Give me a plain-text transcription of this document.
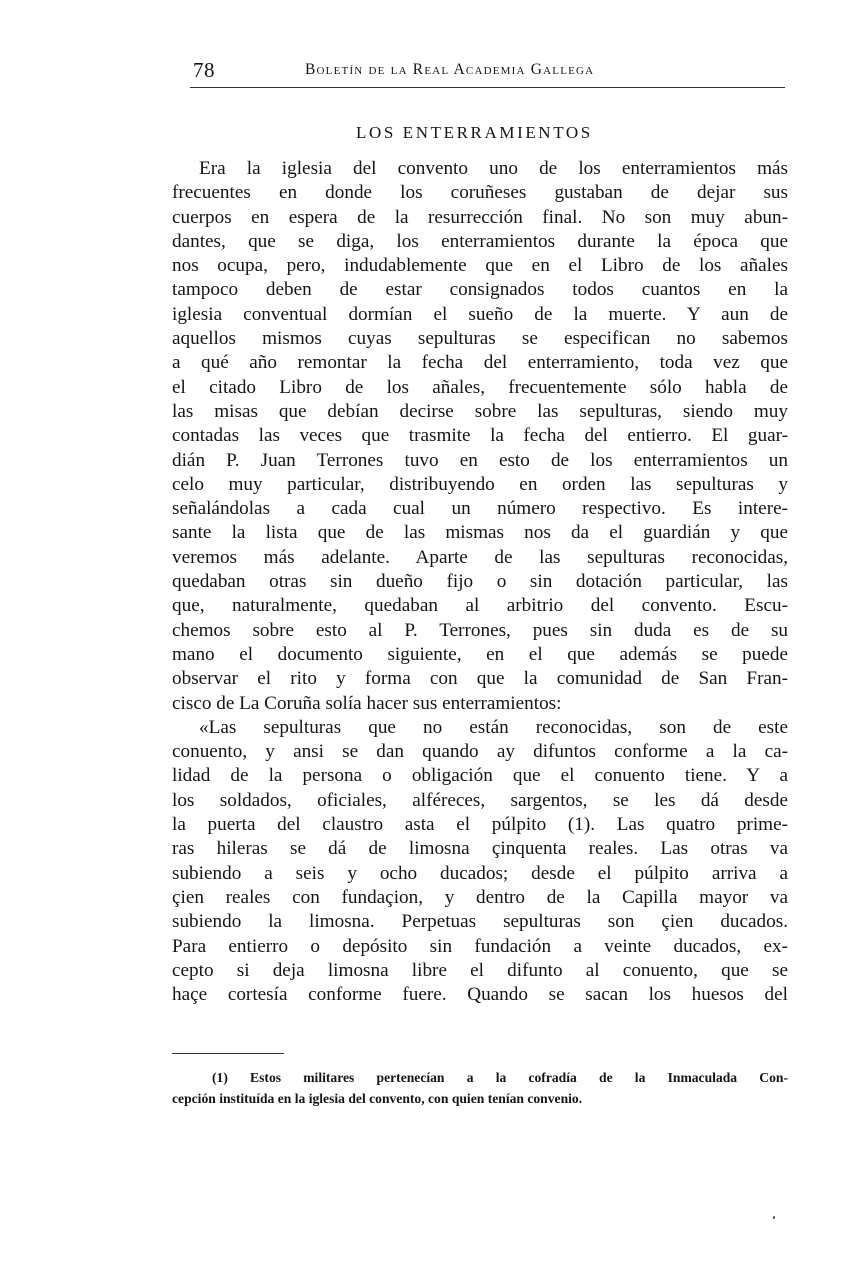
78	Boletín de la Real Academia Gallega
LOS ENTERRAMIENTOS
Era la iglesia del convento uno de los enterramientos más
frecuentes en donde los coruñeses gustaban de dejar sus
cuerpos en espera de la resurrección final. No son muy abun-
dantes, que se diga, los enterramientos durante la época que
nos ocupa, pero, indudablemente que en el Libro de los añales
tampoco deben de estar consignados todos cuantos en la
iglesia conventual dormían el sueño de la muerte. Y aun de
aquellos mismos cuyas sepulturas se especifican no sabemos
a qué año remontar la fecha del enterramiento, toda vez que
el citado Libro de los añales, frecuentemente sólo habla de
las misas que debían decirse sobre las sepulturas, siendo muy
contadas las veces que trasmite la fecha del entierro. El guar-
dián P. Juan Terrones tuvo en esto de los enterramientos un
celo muy particular, distribuyendo en orden las sepulturas y
señalándolas a cada cual un número respectivo. Es intere-
sante la lista que de las mismas nos da el guardián y que
veremos más adelante. Aparte de las sepulturas reconocidas,
quedaban otras sin dueño fijo o sin dotación particular, las
que, naturalmente, quedaban al arbitrio del convento. Escu-
chemos sobre esto al P. Terrones, pues sin duda es de su
mano el documento siguiente, en el que además se puede
observar el rito y forma con que la comunidad de San Fran-
cisco de La Coruña solía hacer sus enterramientos:
«Las sepulturas que no están reconocidas, son de este
conuento, y ansi se dan quando ay difuntos conforme a la ca-
lidad de la persona o obligación que el conuento tiene. Y a
los soldados, oficiales, alféreces, sargentos, se les dá desde
la puerta del claustro asta el púlpito (1). Las quatro prime-
ras hileras se dá de limosna çinquenta reales. Las otras va
subiendo a seis y ocho ducados; desde el púlpito arriva a
çien reales con fundaçion, y dentro de la Capilla mayor va
subiendo la limosna. Perpetuas sepulturas son çien ducados.
Para entierro o depósito sin fundación a veinte ducados, ex-
cepto si deja limosna libre el difunto al conuento, que se
haçe cortesía conforme fuere. Quando se sacan los huesos del
(1) Estos militares pertenecían a la cofradía de la Inmaculada Con-
cepción instituída en la iglesia del convento, con quien tenían convenio.
